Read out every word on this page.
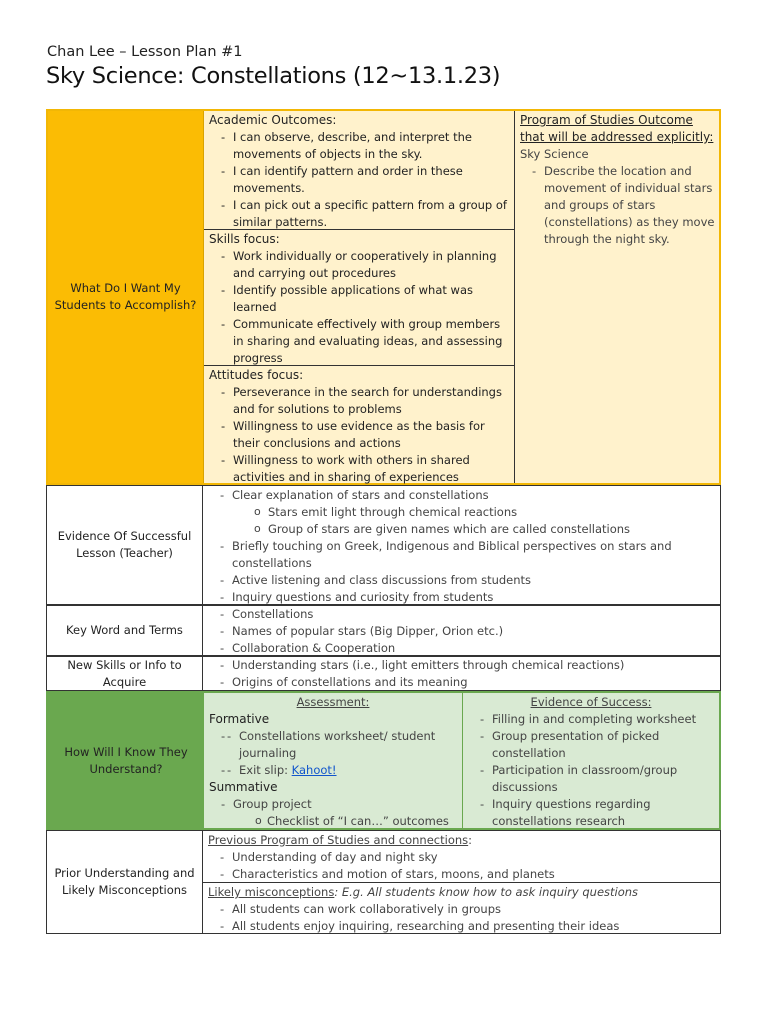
Chan Lee – Lesson Plan #1
Sky Science: Constellations (12~13.1.23)
What Do I Want My Students to Accomplish?
Academic Outcomes:
- I can observe, describe, and interpret the movements of objects in the sky.
- I can identify pattern and order in these movements.
- I can pick out a specific pattern from a group of similar patterns.
Skills focus:
- Work individually or cooperatively in planning and carrying out procedures
- Identify possible applications of what was learned
- Communicate effectively with group members in sharing and evaluating ideas, and assessing progress
Attitudes focus:
- Perseverance in the search for understandings and for solutions to problems
- Willingness to use evidence as the basis for their conclusions and actions
- Willingness to work with others in shared activities and in sharing of experiences
Program of Studies Outcome that will be addressed explicitly:
Sky Science
- Describe the location and movement of individual stars and groups of stars (constellations) as they move through the night sky.
Evidence Of Successful Lesson (Teacher)
- Clear explanation of stars and constellations
o Stars emit light through chemical reactions
o Group of stars are given names which are called constellations
- Briefly touching on Greek, Indigenous and Biblical perspectives on stars and constellations
- Active listening and class discussions from students
- Inquiry questions and curiosity from students
Key Word and Terms
- Constellations
- Names of popular stars (Big Dipper, Orion etc.)
- Collaboration & Cooperation
New Skills or Info to Acquire
- Understanding stars (i.e., light emitters through chemical reactions)
- Origins of constellations and its meaning
How Will I Know They Understand?
Assessment:
Formative
- - Constellations worksheet/ student journaling
- - Exit slip: Kahoot!
Summative
- Group project
o Checklist of “I can…” outcomes
Evidence of Success:
- Filling in and completing worksheet
- Group presentation of picked constellation
- Participation in classroom/group discussions
- Inquiry questions regarding constellations research
Prior Understanding and Likely Misconceptions
Previous Program of Studies and connections:
- Understanding of day and night sky
- Characteristics and motion of stars, moons, and planets
Likely misconceptions: E.g. All students know how to ask inquiry questions
- All students can work collaboratively in groups
- All students enjoy inquiring, researching and presenting their ideas
